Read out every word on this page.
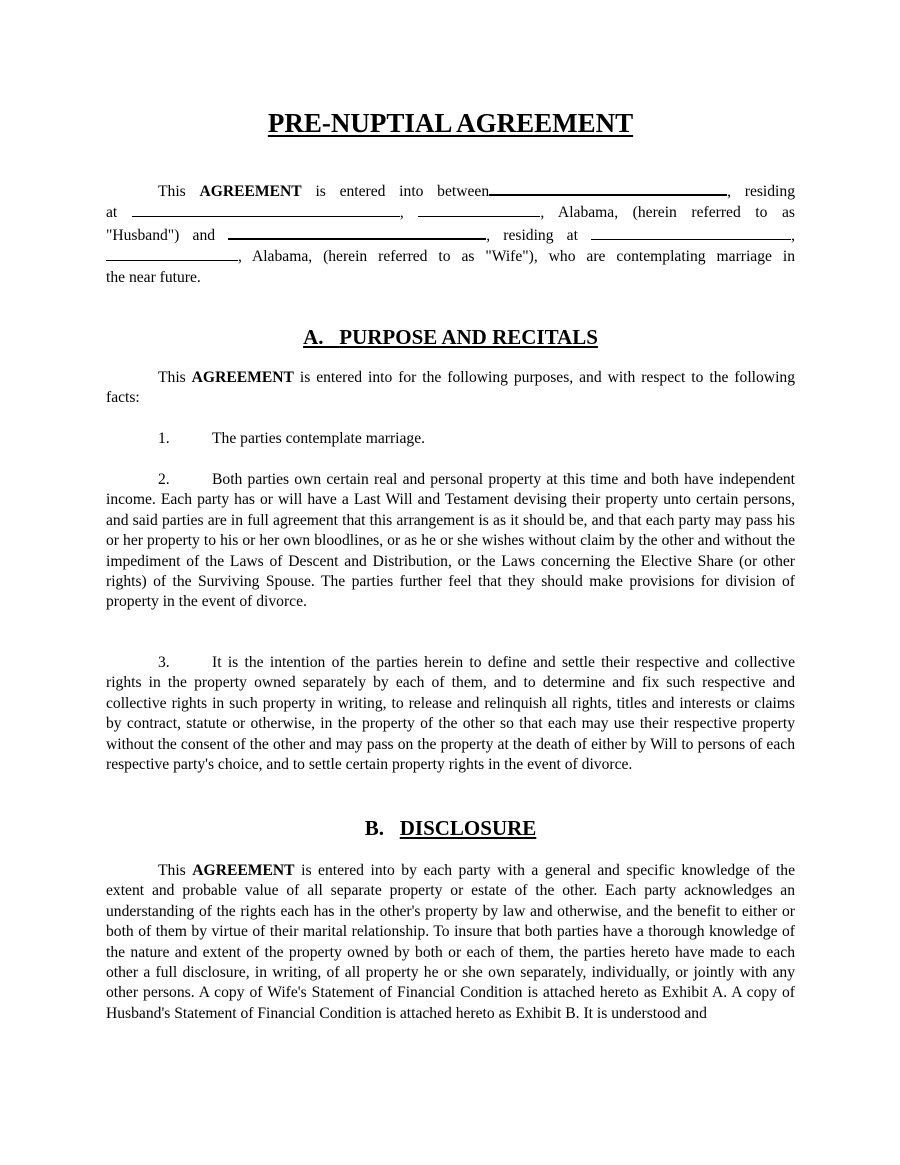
PRE-NUPTIAL AGREEMENT
This AGREEMENT is entered into between	, residing
at	,	, Alabama, (herein referred to as
"Husband") and	, residing at	,
, Alabama, (herein referred to as "Wife"), who are contemplating marriage in
the near future.
A. PURPOSE AND RECITALS
This AGREEMENT is entered into for the following purposes, and with respect to the following facts:
1.	The parties contemplate marriage.
2.	Both parties own certain real and personal property at this time and both have independent income. Each party has or will have a Last Will and Testament devising their property unto certain persons, and said parties are in full agreement that this arrangement is as it should be, and that each party may pass his or her property to his or her own bloodlines, or as he or she wishes without claim by the other and without the impediment of the Laws of Descent and Distribution, or the Laws concerning the Elective Share (or other rights) of the Surviving Spouse. The parties further feel that they should make provisions for division of property in the event of divorce.
3.	It is the intention of the parties herein to define and settle their respective and collective rights in the property owned separately by each of them, and to determine and fix such respective and collective rights in such property in writing, to release and relinquish all rights, titles and interests or claims by contract, statute or otherwise, in the property of the other so that each may use their respective property without the consent of the other and may pass on the property at the death of either by Will to persons of each respective party's choice, and to settle certain property rights in the event of divorce.
B. DISCLOSURE
This AGREEMENT is entered into by each party with a general and specific knowledge of the extent and probable value of all separate property or estate of the other. Each party acknowledges an understanding of the rights each has in the other's property by law and otherwise, and the benefit to either or both of them by virtue of their marital relationship. To insure that both parties have a thorough knowledge of the nature and extent of the property owned by both or each of them, the parties hereto have made to each other a full disclosure, in writing, of all property he or she own separately, individually, or jointly with any other persons. A copy of Wife's Statement of Financial Condition is attached hereto as Exhibit A. A copy of Husband's Statement of Financial Condition is attached hereto as Exhibit B. It is understood and
